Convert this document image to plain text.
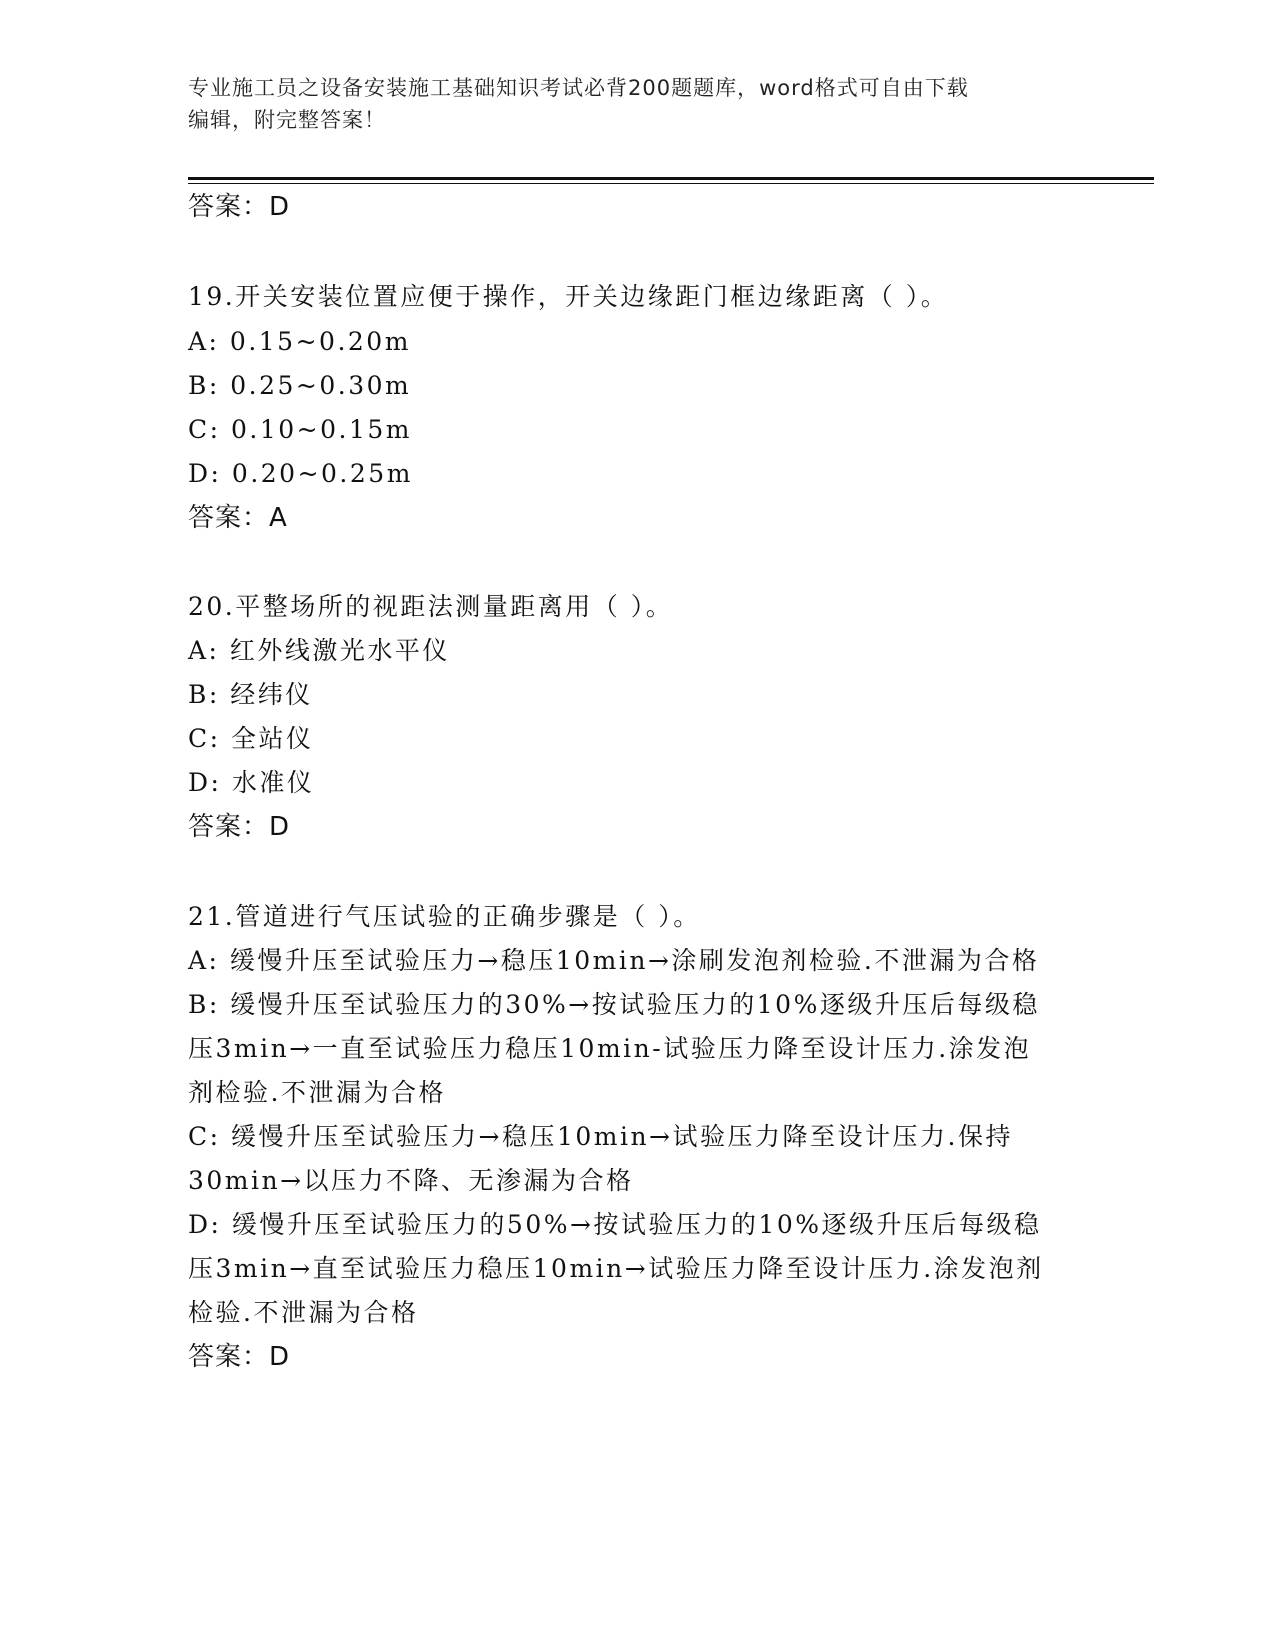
专业施工员之设备安装施工基础知识考试必背200题题库，word格式可自由下载
编辑，附完整答案！
答案：D
19.开关安装位置应便于操作，开关边缘距门框边缘距离（ ）。
A: 0.15~0.20m
B: 0.25~0.30m
C: 0.10~0.15m
D: 0.20~0.25m
答案：A
20.平整场所的视距法测量距离用（ ）。
A: 红外线激光水平仪
B: 经纬仪
C: 全站仪
D: 水准仪
答案：D
21.管道进行气压试验的正确步骤是（ ）。
A: 缓慢升压至试验压力→稳压10min→涂刷发泡剂检验.不泄漏为合格
B: 缓慢升压至试验压力的30%→按试验压力的10%逐级升压后每级稳
压3min→一直至试验压力稳压10min-试验压力降至设计压力.涂发泡
剂检验.不泄漏为合格
C: 缓慢升压至试验压力→稳压10min→试验压力降至设计压力.保持
30min→以压力不降、无渗漏为合格
D: 缓慢升压至试验压力的50%→按试验压力的10%逐级升压后每级稳
压3min→直至试验压力稳压10min→试验压力降至设计压力.涂发泡剂
检验.不泄漏为合格
答案：D
